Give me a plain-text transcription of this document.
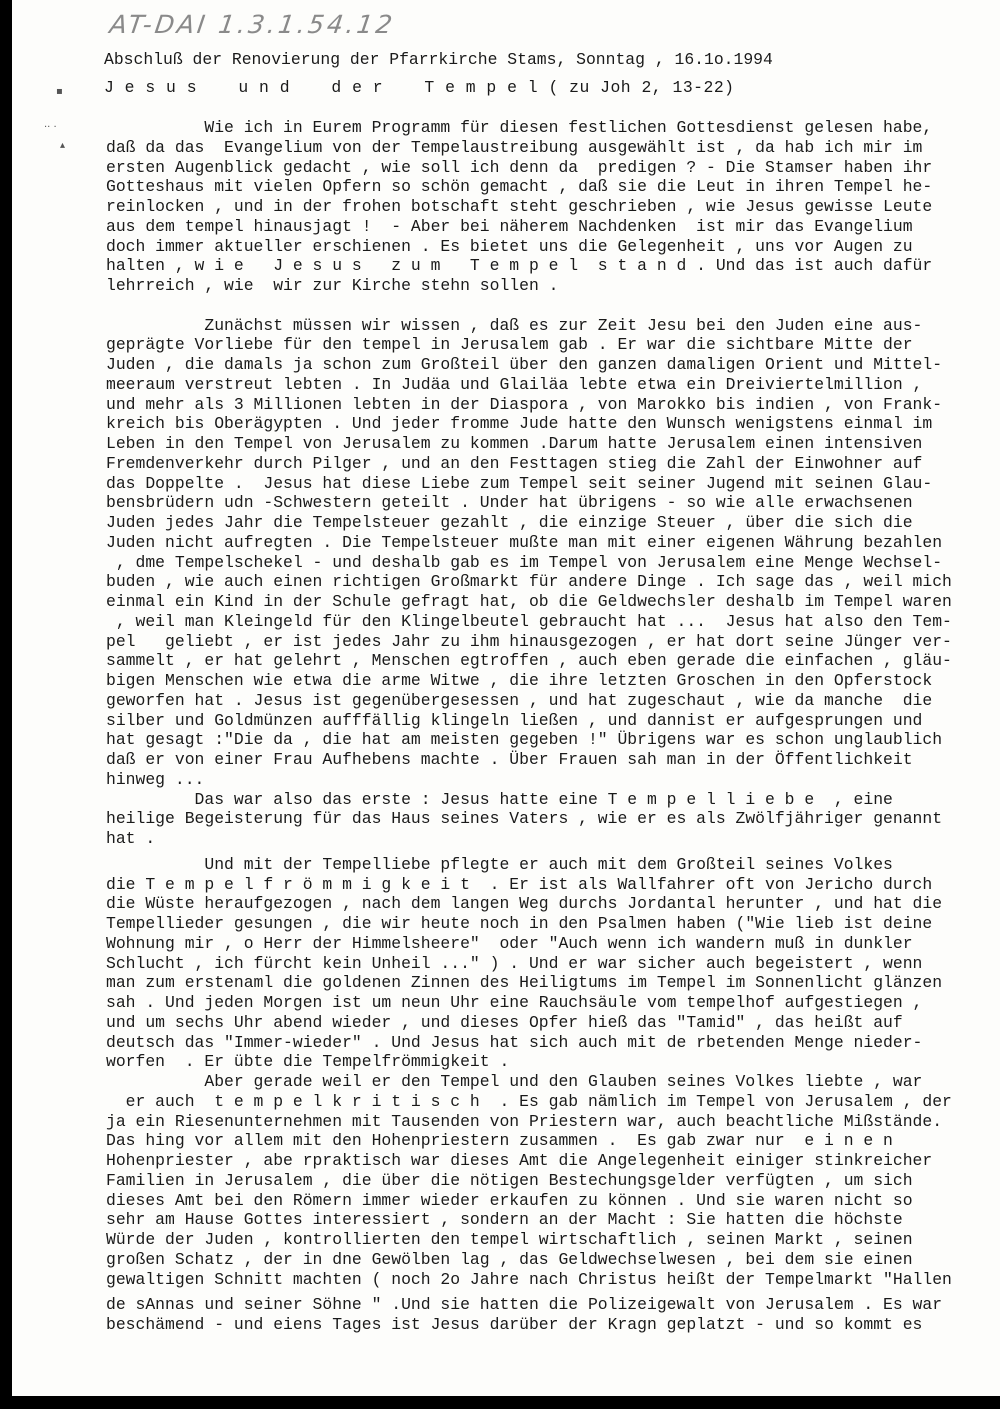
AT-DAI 1.3.1.54.12
▪
·· ·
▴
Abschluß der Renovierung der Pfarrkirche Stams, Sonntag , 16.1o.1994
J e s u s    u n d    d e r    T e m p e l ( zu Joh 2, 13-22)
Wie ich in Eurem Programm für diesen festlichen Gottesdienst gelesen habe,
daß da das  Evangelium von der Tempelaustreibung ausgewählt ist , da hab ich mir im
ersten Augenblick gedacht , wie soll ich denn da  predigen ? - Die Stamser haben ihr
Gotteshaus mit vielen Opfern so schön gemacht , daß sie die Leut in ihren Tempel he-
reinlocken , und in der frohen botschaft steht geschrieben , wie Jesus gewisse Leute
aus dem tempel hinausjagt !  - Aber bei näherem Nachdenken  ist mir das Evangelium
doch immer aktueller erschienen . Es bietet uns die Gelegenheit , uns vor Augen zu
halten , w i e   J e s u s   z u m   T e m p e l  s t a n d . Und das ist auch dafür
lehrreich , wie  wir zur Kirche stehn sollen .
Zunächst müssen wir wissen , daß es zur Zeit Jesu bei den Juden eine aus-
geprägte Vorliebe für den tempel in Jerusalem gab . Er war die sichtbare Mitte der
Juden , die damals ja schon zum Großteil über den ganzen damaligen Orient und Mittel-
meeraum verstreut lebten . In Judäa und Glailäa lebte etwa ein Dreiviertelmillion ,
und mehr als 3 Millionen lebten in der Diaspora , von Marokko bis indien , von Frank-
kreich bis Oberägypten . Und jeder fromme Jude hatte den Wunsch wenigstens einmal im
Leben in den Tempel von Jerusalem zu kommen .Darum hatte Jerusalem einen intensiven
Fremdenverkehr durch Pilger , und an den Festtagen stieg die Zahl der Einwohner auf
das Doppelte .  Jesus hat diese Liebe zum Tempel seit seiner Jugend mit seinen Glau-
bensbrüdern udn -Schwestern geteilt . Under hat übrigens - so wie alle erwachsenen
Juden jedes Jahr die Tempelsteuer gezahlt , die einzige Steuer , über die sich die
Juden nicht aufregten . Die Tempelsteuer mußte man mit einer eigenen Währung bezahlen
, dme Tempelschekel - und deshalb gab es im Tempel von Jerusalem eine Menge Wechsel-
buden , wie auch einen richtigen Großmarkt für andere Dinge . Ich sage das , weil mich
einmal ein Kind in der Schule gefragt hat, ob die Geldwechsler deshalb im Tempel waren
, weil man Kleingeld für den Klingelbeutel gebraucht hat ...  Jesus hat also den Tem-
pel   geliebt , er ist jedes Jahr zu ihm hinausgezogen , er hat dort seine Jünger ver-
sammelt , er hat gelehrt , Menschen egtroffen , auch eben gerade die einfachen , gläu-
bigen Menschen wie etwa die arme Witwe , die ihre letzten Groschen in den Opferstock
geworfen hat . Jesus ist gegenübergesessen , und hat zugeschaut , wie da manche  die
silber und Goldmünzen aufffällig klingeln ließen , und dannist er aufgesprungen und
hat gesagt :"Die da , die hat am meisten gegeben !" Übrigens war es schon unglaublich
daß er von einer Frau Aufhebens machte . Über Frauen sah man in der Öffentlichkeit
hinweg ...
Das war also das erste : Jesus hatte eine T e m p e l l i e b e  , eine
heilige Begeisterung für das Haus seines Vaters , wie er es als Zwölfjähriger genannt
hat .
Und mit der Tempelliebe pflegte er auch mit dem Großteil seines Volkes
die T e m p e l f r ö m m i g k e i t  . Er ist als Wallfahrer oft von Jericho durch
die Wüste heraufgezogen , nach dem langen Weg durchs Jordantal herunter , und hat die
Tempellieder gesungen , die wir heute noch in den Psalmen haben ("Wie lieb ist deine
Wohnung mir , o Herr der Himmelsheere"  oder "Auch wenn ich wandern muß in dunkler
Schlucht , ich fürcht kein Unheil ..." ) . Und er war sicher auch begeistert , wenn
man zum erstenaml die goldenen Zinnen des Heiligtums im Tempel im Sonnenlicht glänzen
sah . Und jeden Morgen ist um neun Uhr eine Rauchsäule vom tempelhof aufgestiegen ,
und um sechs Uhr abend wieder , und dieses Opfer hieß das "Tamid" , das heißt auf
deutsch das "Immer-wieder" . Und Jesus hat sich auch mit de rbetenden Menge nieder-
worfen  . Er übte die Tempelfrömmigkeit .
Aber gerade weil er den Tempel und den Glauben seines Volkes liebte , war
er auch  t e m p e l k r i t i s c h  . Es gab nämlich im Tempel von Jerusalem , der
ja ein Riesenunternehmen mit Tausenden von Priestern war, auch beachtliche Mißstände.
Das hing vor allem mit den Hohenpriestern zusammen .  Es gab zwar nur  e i n e n
Hohenpriester , abe rpraktisch war dieses Amt die Angelegenheit einiger stinkreicher
Familien in Jerusalem , die über die nötigen Bestechungsgelder verfügten , um sich
dieses Amt bei den Römern immer wieder erkaufen zu können . Und sie waren nicht so
sehr am Hause Gottes interessiert , sondern an der Macht : Sie hatten die höchste
Würde der Juden , kontrollierten den tempel wirtschaftlich , seinen Markt , seinen
großen Schatz , der in dne Gewölben lag , das Geldwechselwesen , bei dem sie einen
gewaltigen Schnitt machten ( noch 2o Jahre nach Christus heißt der Tempelmarkt "Hallen
de sAnnas und seiner Söhne " .Und sie hatten die Polizeigewalt von Jerusalem . Es war
beschämend - und eiens Tages ist Jesus darüber der Kragn geplatzt - und so kommt es
